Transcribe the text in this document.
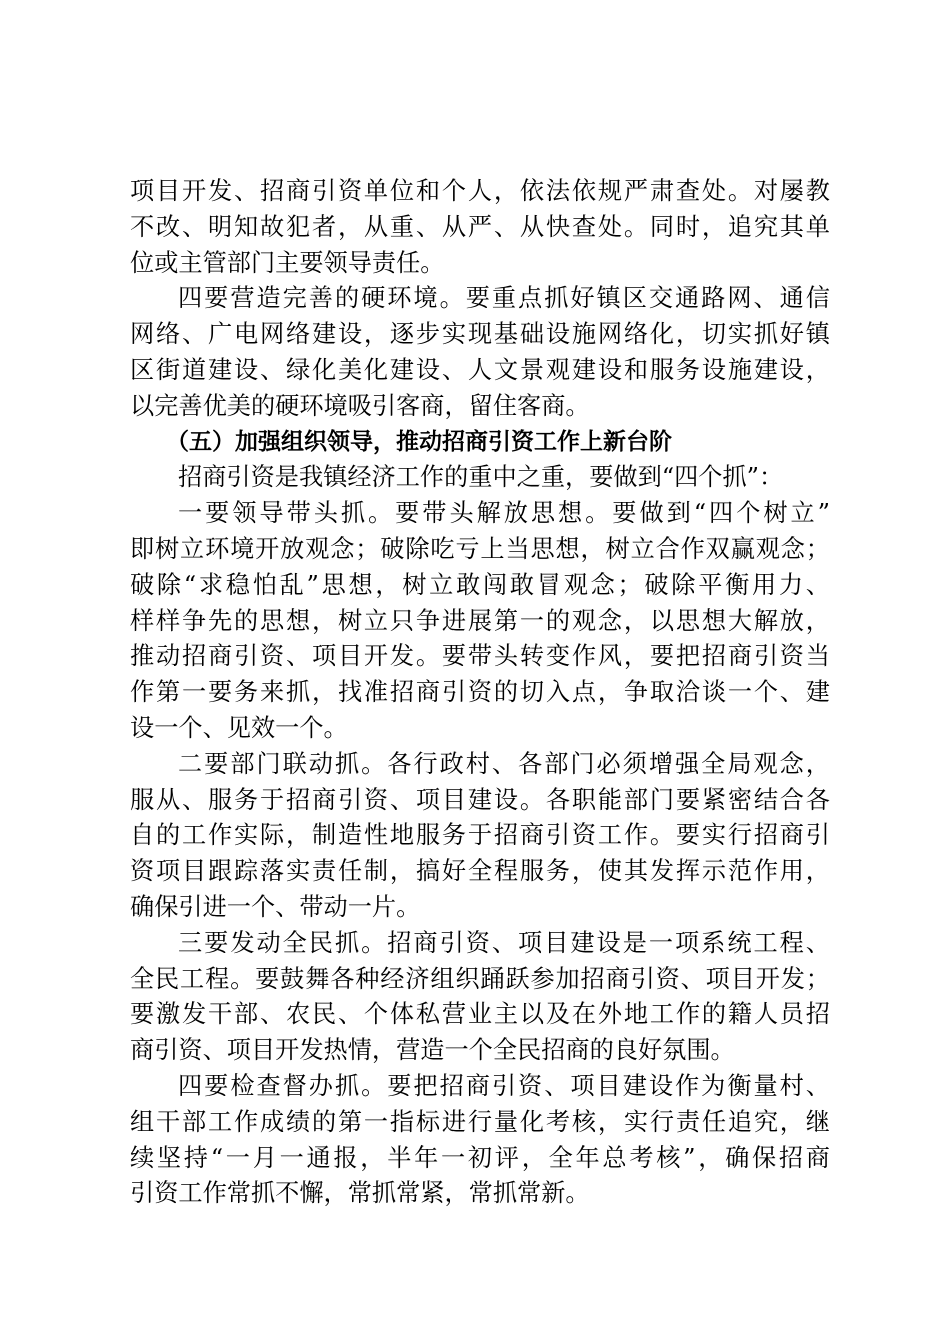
项目开发、招商引资单位和个人，依法依规严肃查处。对屡教
不改、明知故犯者，从重、从严、从快查处。同时，追究其单
位或主管部门主要领导责任。
四要营造完善的硬环境。要重点抓好镇区交通路网、通信
网络、广电网络建设，逐步实现基础设施网络化，切实抓好镇
区街道建设、绿化美化建设、人文景观建设和服务设施建设，
以完善优美的硬环境吸引客商，留住客商。
（五）加强组织领导，推动招商引资工作上新台阶
招商引资是我镇经济工作的重中之重，要做到“四个抓”：
一要领导带头抓。要带头解放思想。要做到“四个树立”
即树立环境开放观念；破除吃亏上当思想，树立合作双赢观念；
破除“求稳怕乱”思想，树立敢闯敢冒观念；破除平衡用力、
样样争先的思想，树立只争进展第一的观念，以思想大解放，
推动招商引资、项目开发。要带头转变作风，要把招商引资当
作第一要务来抓，找准招商引资的切入点，争取洽谈一个、建
设一个、见效一个。
二要部门联动抓。各行政村、各部门必须增强全局观念，
服从、服务于招商引资、项目建设。各职能部门要紧密结合各
自的工作实际，制造性地服务于招商引资工作。要实行招商引
资项目跟踪落实责任制，搞好全程服务，使其发挥示范作用，
确保引进一个、带动一片。
三要发动全民抓。招商引资、项目建设是一项系统工程、
全民工程。要鼓舞各种经济组织踊跃参加招商引资、项目开发；
要激发干部、农民、个体私营业主以及在外地工作的籍人员招
商引资、项目开发热情，营造一个全民招商的良好氛围。
四要检查督办抓。要把招商引资、项目建设作为衡量村、
组干部工作成绩的第一指标进行量化考核，实行责任追究，继
续坚持“一月一通报，半年一初评，全年总考核”，确保招商
引资工作常抓不懈，常抓常紧，常抓常新。
